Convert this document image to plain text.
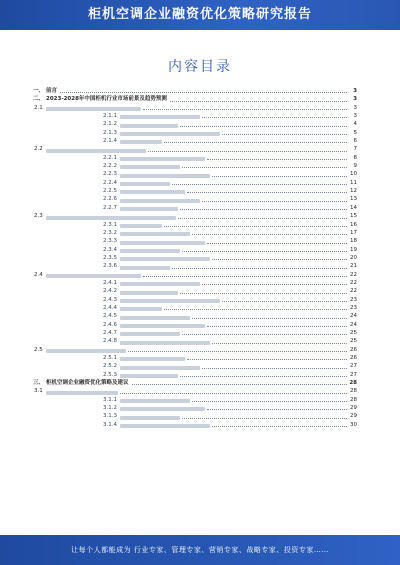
柜机空调企业融资优化策略研究报告
内容目录
一、 前言	3
二、 2023-2028年中国柜机行业市场前景及趋势预测	3
2.1	3
2.1.1	3
2.1.2	4
2.1.3	5
2.1.4	6
2.2	7
2.2.1	8
2.2.2	9
2.2.3	10
2.2.4	11
2.2.5	12
2.2.6	13
2.2.7	14
2.3	15
2.3.1	16
2.3.2	17
2.3.3	18
2.3.4	19
2.3.5	20
2.3.6	21
2.4	22
2.4.1	22
2.4.2	22
2.4.3	23
2.4.4	23
2.4.5	24
2.4.6	24
2.4.7	25
2.4.8	25
2.5	26
2.5.1	26
2.5.2	27
2.5.3	27
三、 柜机空调企业融资优化策略及建议	28
3.1	28
3.1.1	28
3.1.2	29
3.1.3	29
3.1.4	30
让每个人都能成为 行业专家、管理专家、营销专家、战略专家、投资专家……
